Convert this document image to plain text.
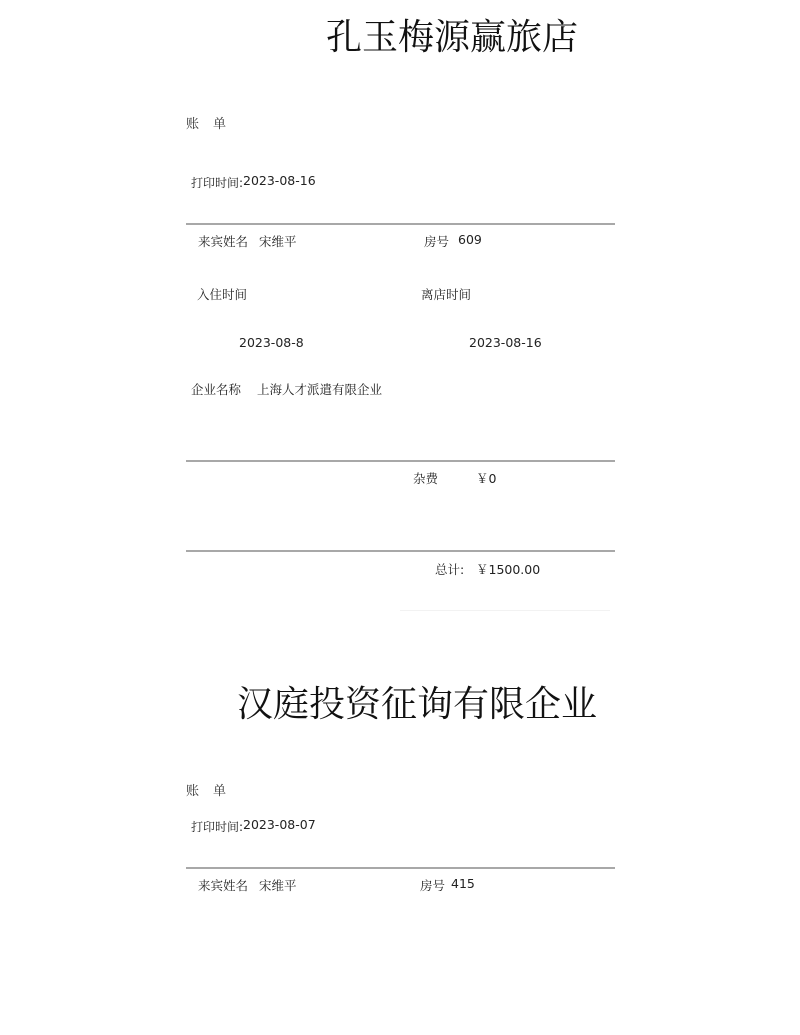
孔玉梅源赢旅店
账单
打印时间: 2023-08-16
来宾姓名 宋维平	房号 609
入住时间	离店时间
2023-08-8	2023-08-16
企业名称 上海人才派遣有限企业
杂费	￥0
总计: ￥1500.00
汉庭投资征询有限企业
账单
打印时间: 2023-08-07
来宾姓名 宋维平	房号 415
